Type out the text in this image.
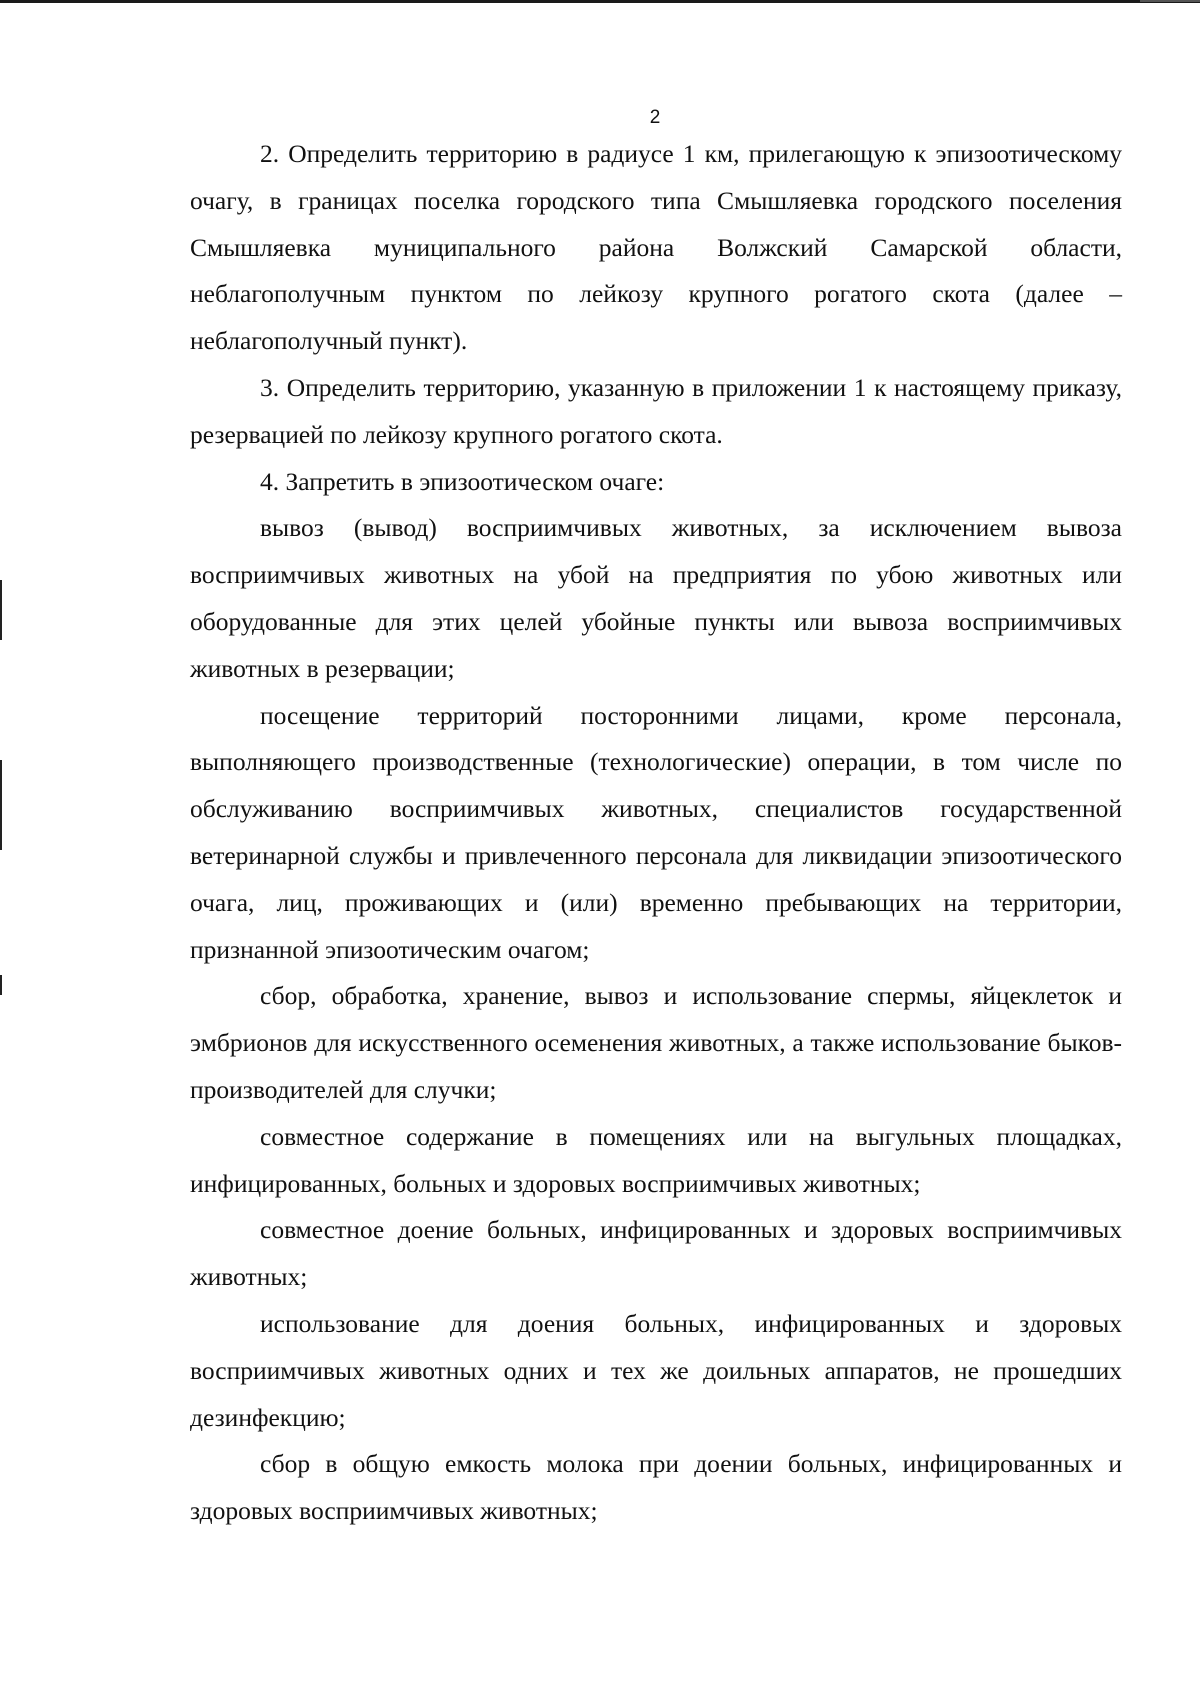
2

2. Определить территорию в радиусе 1 км, прилегающую к эпизоотическому очагу, в границах поселка городского типа Смышляевка городского поселения Смышляевка муниципального района Волжский Самарской области, неблагополучным пунктом по лейкозу крупного рогатого скота (далее – неблагополучный пункт).

3. Определить территорию, указанную в приложении 1 к настоящему приказу, резервацией по лейкозу крупного рогатого скота.

4. Запретить в эпизоотическом очаге:

вывоз (вывод) восприимчивых животных, за исключением вывоза восприимчивых животных на убой на предприятия по убою животных или оборудованные для этих целей убойные пункты или вывоза восприимчивых животных в резервации;

посещение территорий посторонними лицами, кроме персонала, выполняющего производственные (технологические) операции, в том числе по обслуживанию восприимчивых животных, специалистов государственной ветеринарной службы и привлеченного персонала для ликвидации эпизоотического очага, лиц, проживающих и (или) временно пребывающих на территории, признанной эпизоотическим очагом;

сбор, обработка, хранение, вывоз и использование спермы, яйцеклеток и эмбрионов для искусственного осеменения животных, а также использование быков-производителей для случки;

совместное содержание в помещениях или на выгульных площадках, инфицированных, больных и здоровых восприимчивых животных;

совместное доение больных, инфицированных и здоровых восприимчивых животных;

использование для доения больных, инфицированных и здоровых восприимчивых животных одних и тех же доильных аппаратов, не прошедших дезинфекцию;

сбор в общую емкость молока при доении больных, инфицированных и здоровых восприимчивых животных;
